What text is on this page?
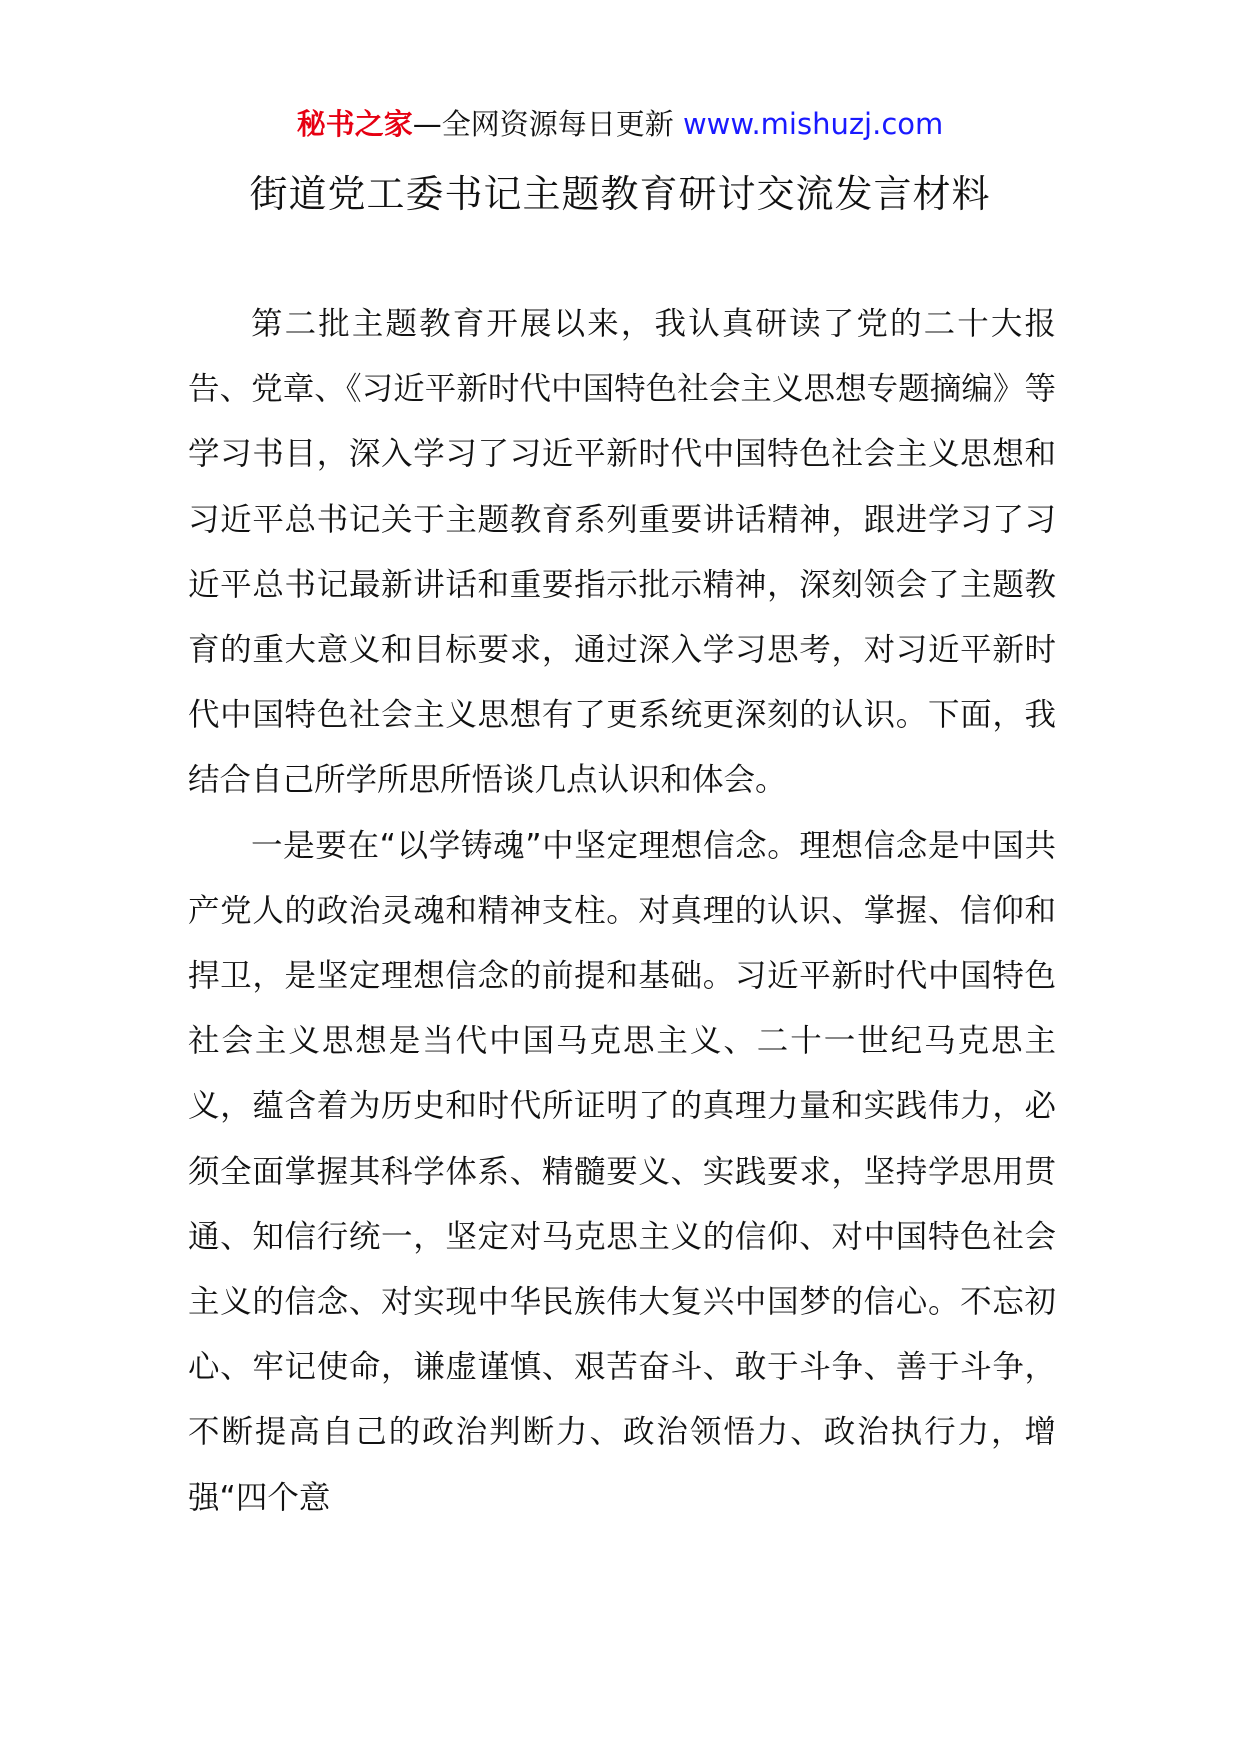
秘书之家—全网资源每日更新 www.mishuzj.com
街道党工委书记主题教育研讨交流发言材料

第二批主题教育开展以来，我认真研读了党的二十大报告、党章、《习近平新时代中国特色社会主义思想专题摘编》等学习书目，深入学习了习近平新时代中国特色社会主义思想和习近平总书记关于主题教育系列重要讲话精神，跟进学习了习近平总书记最新讲话和重要指示批示精神，深刻领会了主题教育的重大意义和目标要求，通过深入学习思考，对习近平新时代中国特色社会主义思想有了更系统更深刻的认识。下面，我结合自己所学所思所悟谈几点认识和体会。

一是要在“以学铸魂”中坚定理想信念。理想信念是中国共产党人的政治灵魂和精神支柱。对真理的认识、掌握、信仰和捍卫，是坚定理想信念的前提和基础。习近平新时代中国特色社会主义思想是当代中国马克思主义、二十一世纪马克思主义，蕴含着为历史和时代所证明了的真理力量和实践伟力，必须全面掌握其科学体系、精髓要义、实践要求，坚持学思用贯通、知信行统一，坚定对马克思主义的信仰、对中国特色社会主义的信念、对实现中华民族伟大复兴中国梦的信心。不忘初心、牢记使命，谦虚谨慎、艰苦奋斗、敢于斗争、善于斗争，不断提高自己的政治判断力、政治领悟力、政治执行力，增强“四个意
